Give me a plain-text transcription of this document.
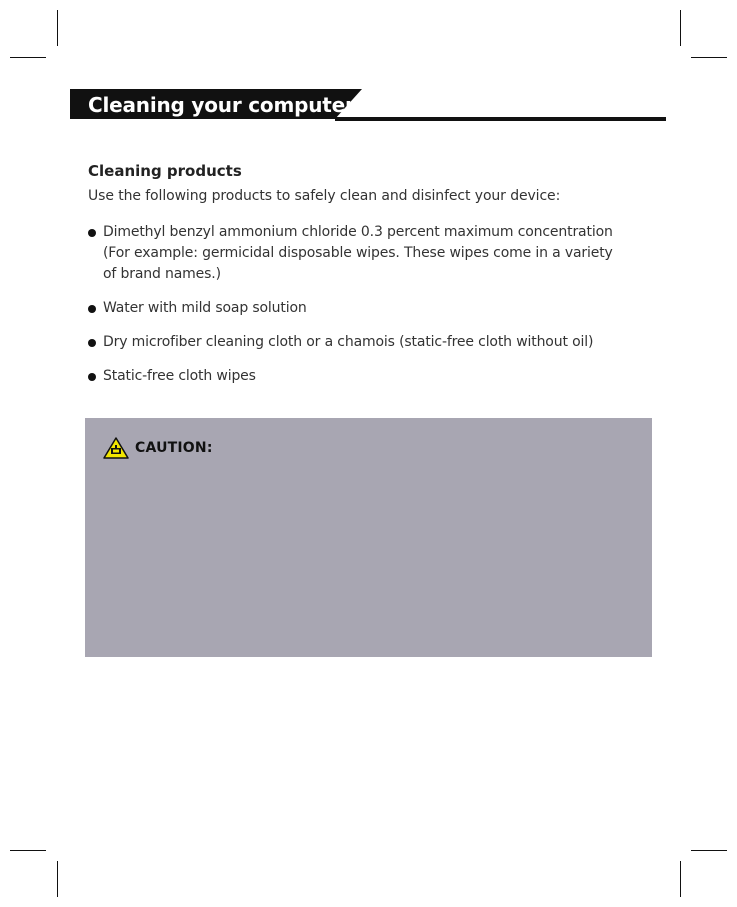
Cleaning your computer
Cleaning products
Use the following products to safely clean and disinfect your device:
Dimethyl benzyl ammonium chloride 0.3 percent maximum concentration (For example: germicidal disposable wipes. These wipes come in a variety of brand names.)
Water with mild soap solution
Dry microfiber cleaning cloth or a chamois (static-free cloth without oil)
Static-free cloth wipes
CAUTION:
